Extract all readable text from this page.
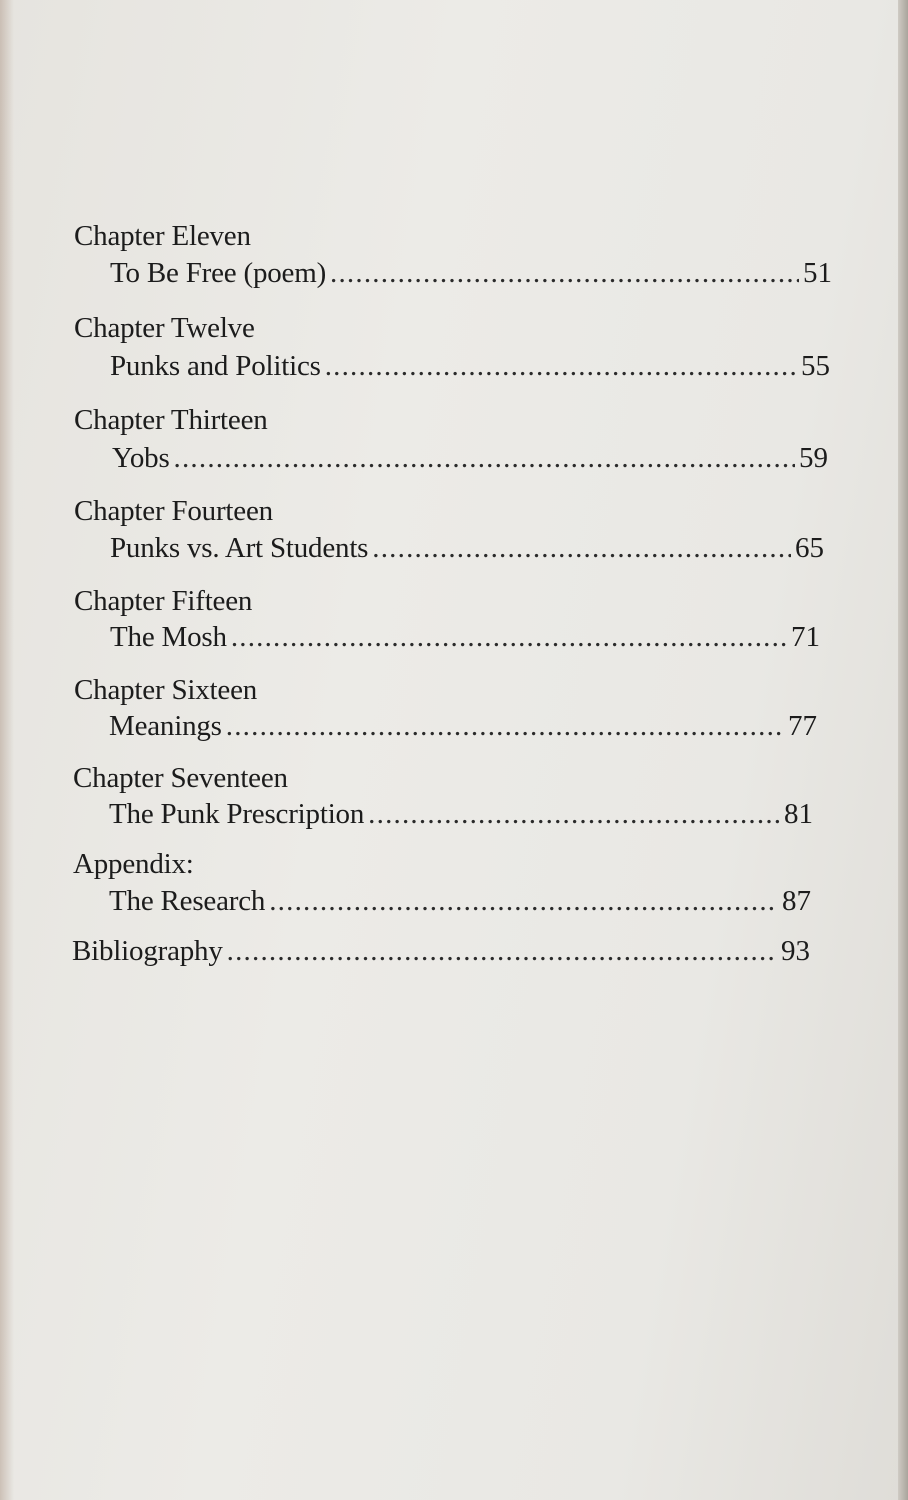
Chapter Eleven
To Be Free (poem) .....	51
Chapter Twelve
Punks and Politics .....	55
Chapter Thirteen
Yobs .....	59
Chapter Fourteen
Punks vs. Art Students .....	65
Chapter Fifteen
The Mosh .....	71
Chapter Sixteen
Meanings .....	77
Chapter Seventeen
The Punk Prescription .....	81
Appendix:
The Research .....	87
Bibliography .....	93
